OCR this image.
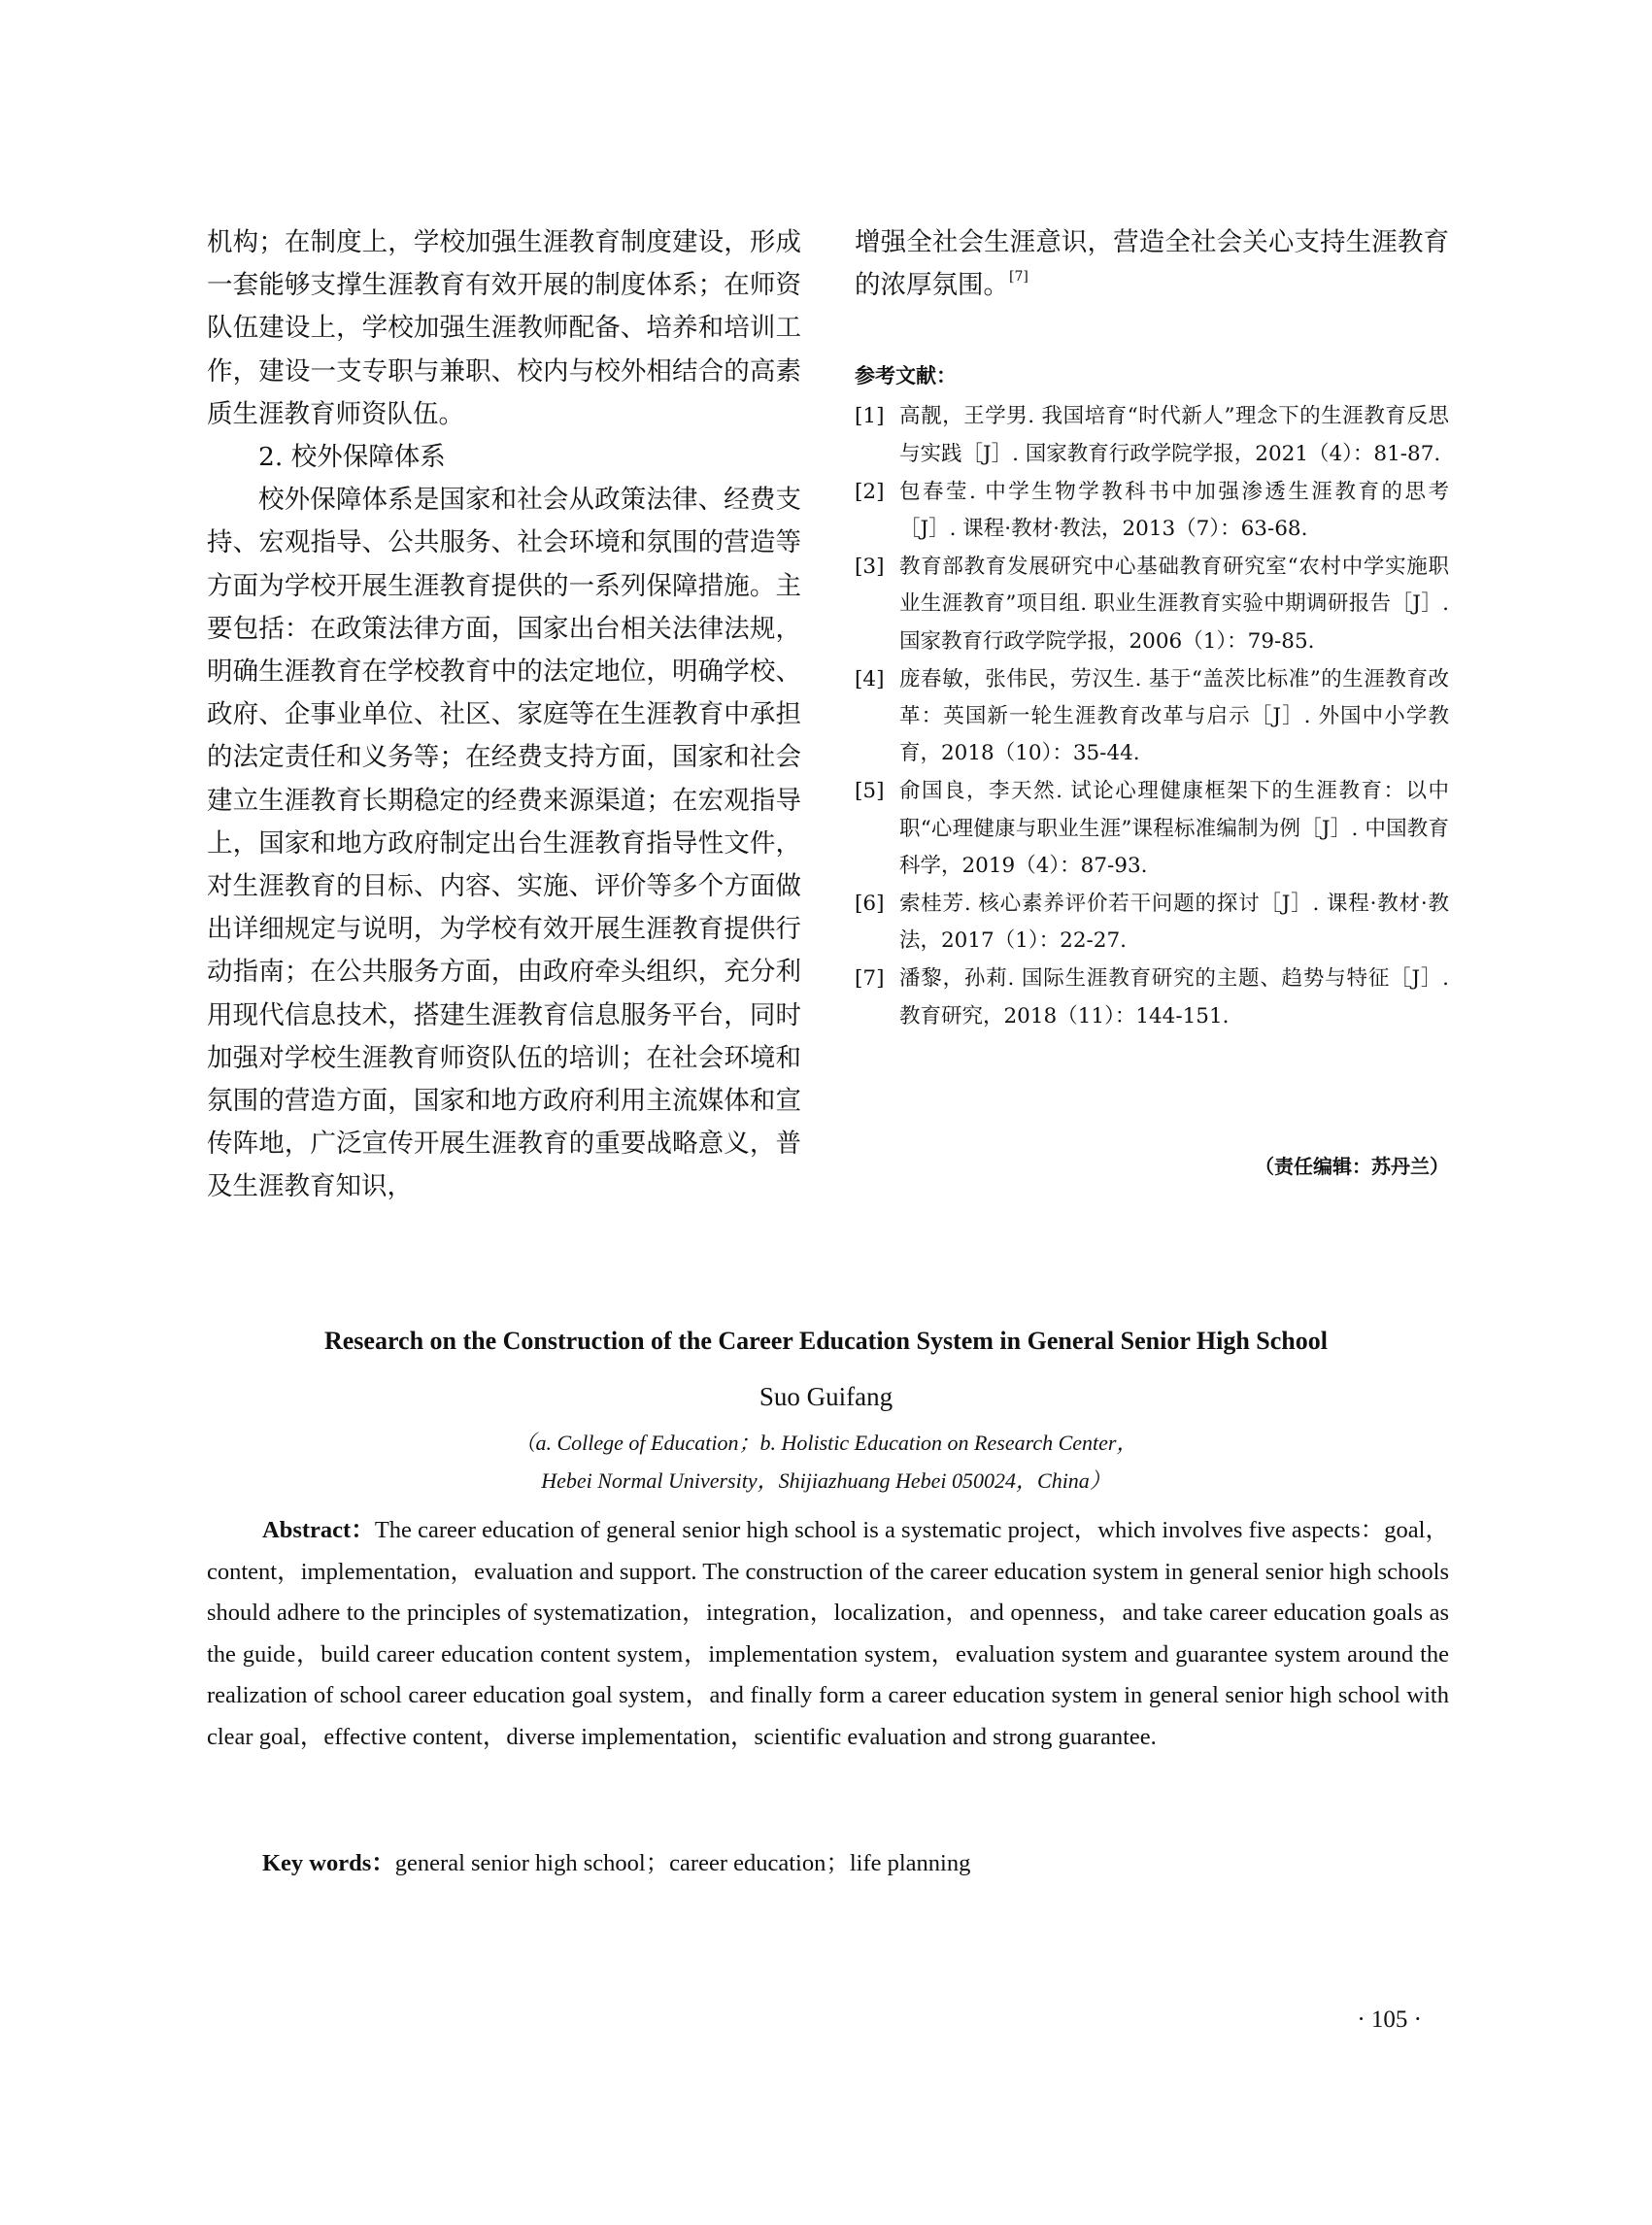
机构；在制度上，学校加强生涯教育制度建设，形成一套能够支撑生涯教育有效开展的制度体系；在师资队伍建设上，学校加强生涯教师配备、培养和培训工作，建设一支专职与兼职、校内与校外相结合的高素质生涯教育师资队伍。

2. 校外保障体系

校外保障体系是国家和社会从政策法律、经费支持、宏观指导、公共服务、社会环境和氛围的营造等方面为学校开展生涯教育提供的一系列保障措施。主要包括：在政策法律方面，国家出台相关法律法规，明确生涯教育在学校教育中的法定地位，明确学校、政府、企事业单位、社区、家庭等在生涯教育中承担的法定责任和义务等；在经费支持方面，国家和社会建立生涯教育长期稳定的经费来源渠道；在宏观指导上，国家和地方政府制定出台生涯教育指导性文件，对生涯教育的目标、内容、实施、评价等多个方面做出详细规定与说明，为学校有效开展生涯教育提供行动指南；在公共服务方面，由政府牵头组织，充分利用现代信息技术，搭建生涯教育信息服务平台，同时加强对学校生涯教育师资队伍的培训；在社会环境和氛围的营造方面，国家和地方政府利用主流媒体和宣传阵地，广泛宣传开展生涯教育的重要战略意义，普及生涯教育知识，

增强全社会生涯意识，营造全社会关心支持生涯教育的浓厚氛围。[7]

参考文献：
[1] 高靓，王学男. 我国培育“时代新人”理念下的生涯教育反思与实践［J］. 国家教育行政学院学报，2021（4）：81-87.
[2] 包春莹. 中学生物学教科书中加强渗透生涯教育的思考［J］. 课程·教材·教法，2013（7）：63-68.
[3] 教育部教育发展研究中心基础教育研究室“农村中学实施职业生涯教育”项目组. 职业生涯教育实验中期调研报告［J］. 国家教育行政学院学报，2006（1）：79-85.
[4] 庞春敏，张伟民，劳汉生. 基于“盖茨比标准”的生涯教育改革：英国新一轮生涯教育改革与启示［J］. 外国中小学教育，2018（10）：35-44.
[5] 俞国良，李天然. 试论心理健康框架下的生涯教育：以中职“心理健康与职业生涯”课程标准编制为例［J］. 中国教育科学，2019（4）：87-93.
[6] 索桂芳. 核心素养评价若干问题的探讨［J］. 课程·教材·教法，2017（1）：22-27.
[7] 潘黎，孙莉. 国际生涯教育研究的主题、趋势与特征［J］. 教育研究，2018（11）：144-151.
（责任编辑：苏丹兰）
Research on the Construction of the Career Education System in General Senior High School
Suo Guifang
（a. College of Education；b. Holistic Education on Research Center，
Hebei Normal University，Shijiazhuang Hebei 050024，China）

Abstract：The career education of general senior high school is a systematic project，which involves five aspects：goal，content，implementation，evaluation and support. The construction of the career education system in general senior high schools should adhere to the principles of systematization，integration，localization，and openness，and take career education goals as the guide，build career education content system，implementation system，evaluation system and guarantee system around the realization of school career education goal system，and finally form a career education system in general senior high school with clear goal，effective content，diverse implementation，scientific evaluation and strong guarantee.

Key words：general senior high school；career education；life planning

· 105 ·
